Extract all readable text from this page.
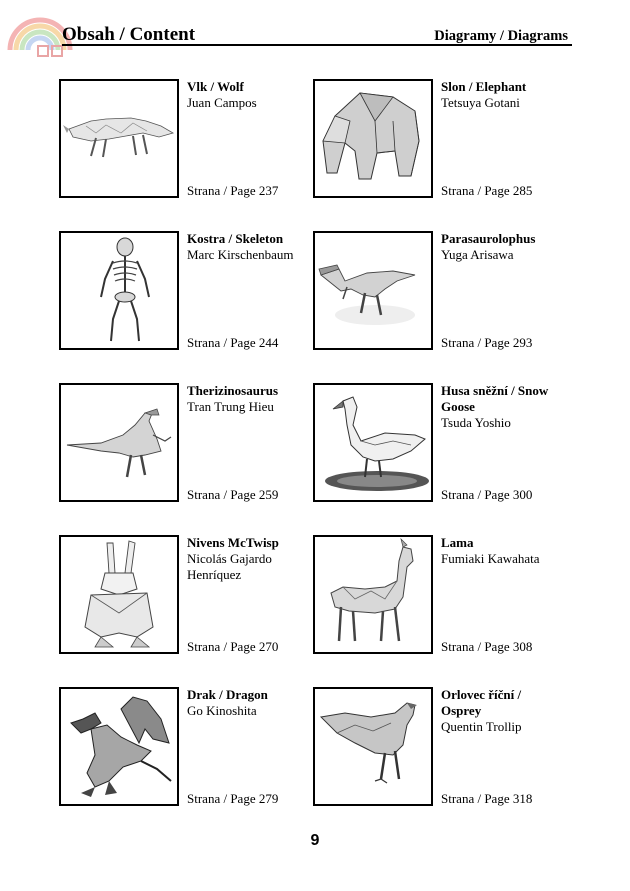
Obsah / Content	Diagramy / Diagrams
Vlk / Wolf
Juan Campos
Strana / Page 237
Slon / Elephant
Tetsuya Gotani
Strana / Page 285
Kostra / Skeleton
Marc Kirschenbaum
Strana / Page 244
Parasaurolophus
Yuga Arisawa
Strana / Page 293
Therizinosaurus
Tran Trung Hieu
Strana / Page 259
Husa sněžní / Snow Goose
Tsuda Yoshio
Strana / Page 300
Nivens McTwisp
Nicolás Gajardo Henríquez
Strana / Page 270
Lama
Fumiaki Kawahata
Strana / Page 308
Drak / Dragon
Go Kinoshita
Strana / Page 279
Orlovec říční / Osprey
Quentin Trollip
Strana / Page 318
9
